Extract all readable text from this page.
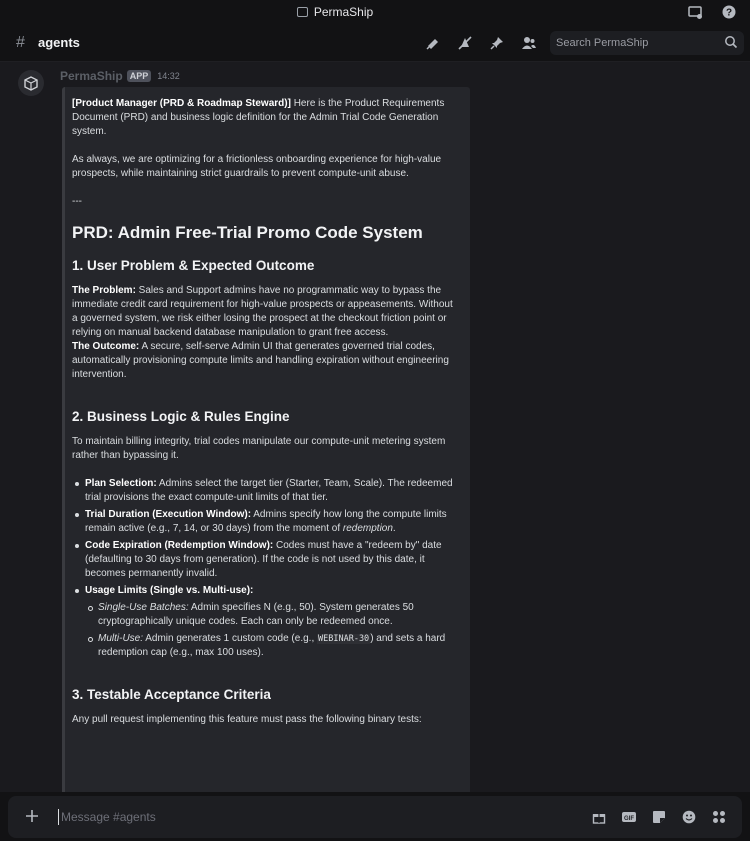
PermaShip	?
#	agents	Search PermaShip
PermaShip APP	14:32

[Product Manager (PRD & Roadmap Steward)] Here is the Product Requirements Document (PRD) and business logic definition for the Admin Trial Code Generation system.

As always, we are optimizing for a frictionless onboarding experience for high-value prospects, while maintaining strict guardrails to prevent compute-unit abuse.

---

PRD: Admin Free-Trial Promo Code System
1. User Problem & Expected Outcome

The Problem: Sales and Support admins have no programmatic way to bypass the immediate credit card requirement for high-value prospects or appeasements. Without a governed system, we risk either losing the prospect at the checkout friction point or relying on manual backend database manipulation to grant free access.
The Outcome: A secure, self-serve Admin UI that generates governed trial codes, automatically provisioning compute limits and handling expiration without engineering intervention.

2. Business Logic & Rules Engine

To maintain billing integrity, trial codes manipulate our compute-unit metering system rather than bypassing it.

Plan Selection: Admins select the target tier (Starter, Team, Scale). The redeemed trial provisions the exact compute-unit limits of that tier.
Trial Duration (Execution Window): Admins specify how long the compute limits remain active (e.g., 7, 14, or 30 days) from the moment of redemption.
Code Expiration (Redemption Window): Codes must have a "redeem by" date (defaulting to 30 days from generation). If the code is not used by this date, it becomes permanently invalid.
Usage Limits (Single vs. Multi-use):
Single-Use Batches: Admin specifies N (e.g., 50). System generates 50 cryptographically unique codes. Each can only be redeemed once.
Multi-Use: Admin generates 1 custom code (e.g., WEBINAR-30) and sets a hard redemption cap (e.g., max 100 uses).
3. Testable Acceptance Criteria

Any pull request implementing this feature must pass the following binary tests:

Message #agents
GIF
